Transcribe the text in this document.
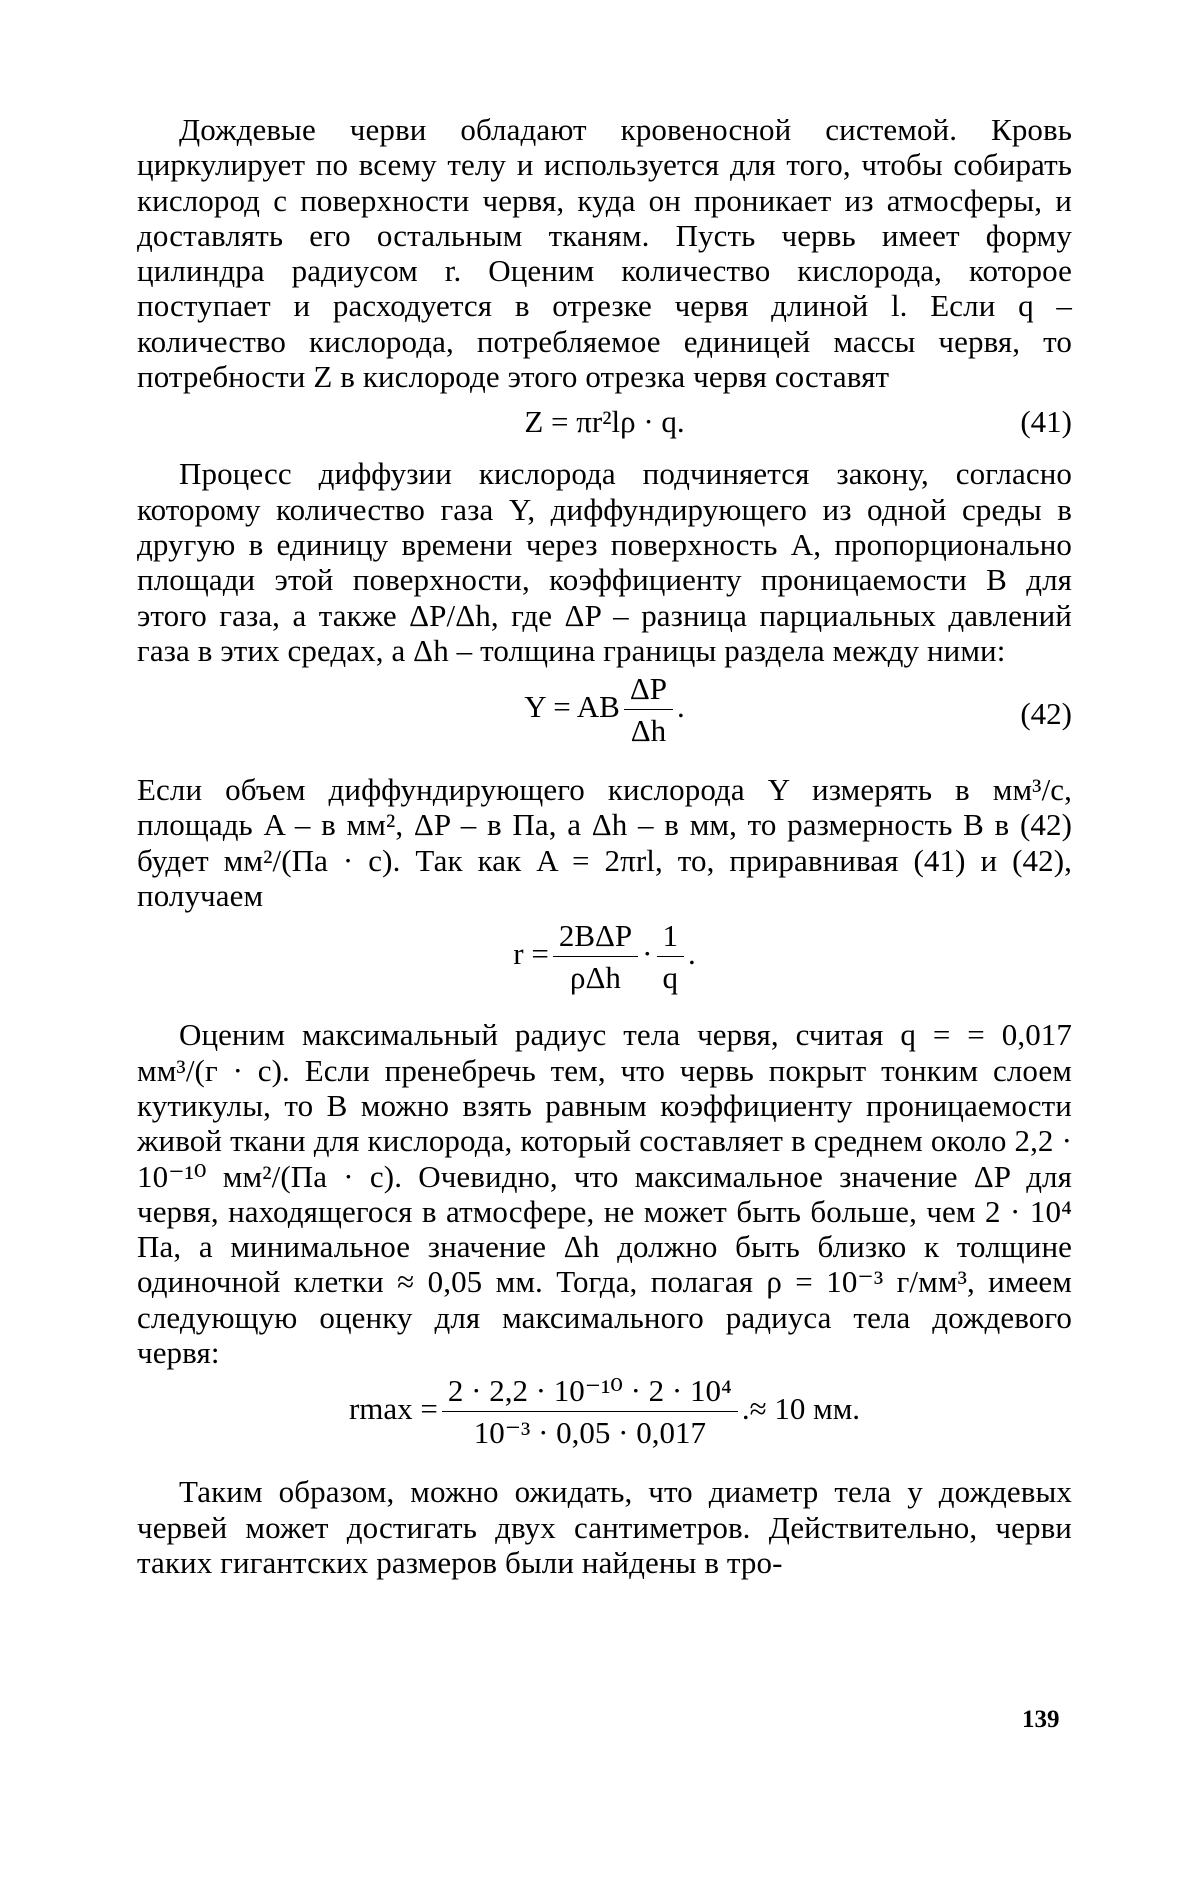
Дождевые черви обладают кровеносной системой. Кровь циркулирует по всему телу и используется для того, чтобы собирать кислород с поверхности червя, куда он проникает из атмосферы, и доставлять его остальным тканям. Пусть червь имеет форму цилиндра радиусом r. Оценим количество кислорода, которое поступает и расходуется в отрезке червя длиной l. Если q – количество кислорода, потребляемое единицей массы червя, то потребности Z в кислороде этого отрезка червя составят

Z = πr²lρ · q.	(41)

Процесс диффузии кислорода подчиняется закону, согласно которому количество газа Y, диффундирующего из одной среды в другую в единицу времени через поверхность A, пропорционально площади этой поверхности, коэффициенту проницаемости B для этого газа, а также ΔP/Δh, где ΔP – разница парциальных давлений газа в этих средах, а Δh – толщина границы раздела между ними:

Y = AB $\frac{\Delta P}{\Delta h}$ .	(42)

Если объем диффундирующего кислорода Y измерять в мм³/с, площадь A – в мм², ΔP – в Па, а Δh – в мм, то размерность B в (42) будет мм²/(Па · с). Так как A = 2πrl, то, приравнивая (41) и (42), получаем

$r = \frac{\text{2BΔP}}{\text{ρΔh}} \cdot \frac{1}{q}$ .

Оценим максимальный радиус тела червя, считая q = = 0,017 мм³/(г · с). Если пренебречь тем, что червь покрыт тонким слоем кутикулы, то B можно взять равным коэффициенту проницаемости живой ткани для кислорода, который составляет в среднем около 2,2 · 10⁻¹⁰ мм²/(Па · с). Очевидно, что максимальное значение ΔP для червя, находящегося в атмосфере, не может быть больше, чем 2 · 10⁴ Па, а минимальное значение Δh должно быть близко к толщине одиночной клетки ≈ 0,05 мм. Тогда, полагая ρ = 10⁻³ г/мм³, имеем следующую оценку для максимального радиуса тела дождевого червя:

$rmax = \frac{\text{2 · 2,2 · 10⁻¹⁰ · 2 · 10⁴}}{\text{10⁻³ · 0,05 · 0,017}}$ .≈ 10 мм.

Таким образом, можно ожидать, что диаметр тела у дождевых червей может достигать двух сантиметров. Действительно, черви таких гигантских размеров были найдены в тро-

139
